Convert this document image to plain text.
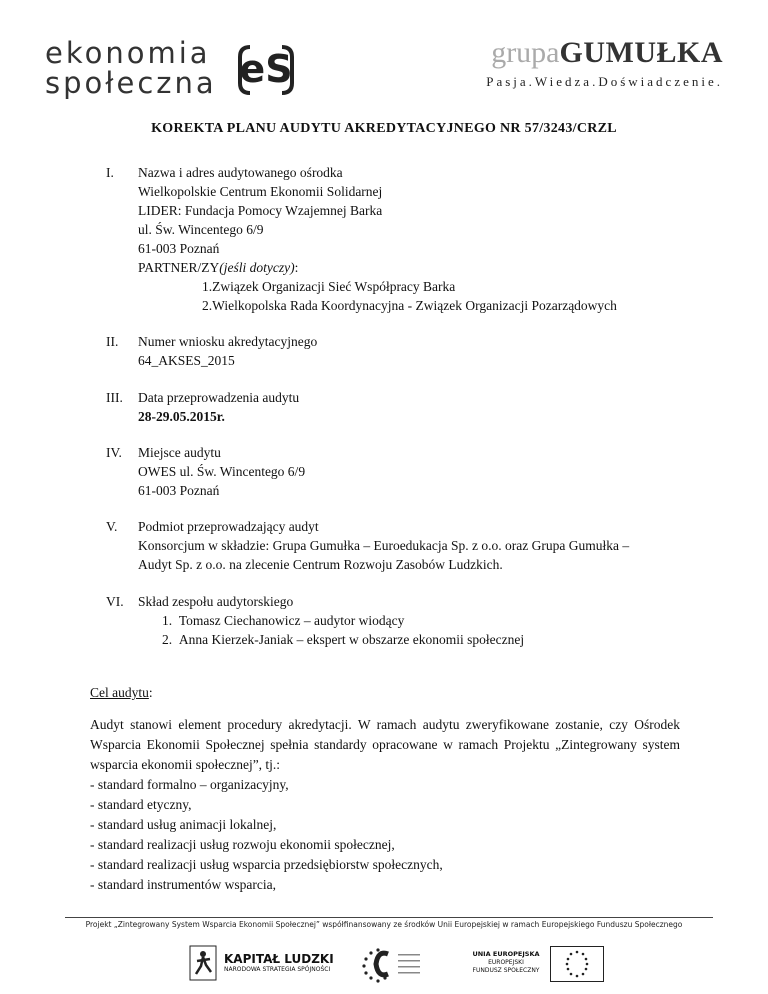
ekonomia
społeczna eS	grupaGUMUŁKA
Pasja.Wiedza.Doświadczenie.
KOREKTA PLANU AUDYTU AKREDYTACYJNEGO NR 57/3243/CRZL
I. Nazwa i adres audytowanego ośrodka
Wielkopolskie Centrum Ekonomii Solidarnej
LIDER: Fundacja Pomocy Wzajemnej Barka
ul. Św. Wincentego 6/9
61-003 Poznań
PARTNER/ZY(jeśli dotyczy):
1.Związek Organizacji Sieć Współpracy Barka
2.Wielkopolska Rada Koordynacyjna - Związek Organizacji Pozarządowych
II. Numer wniosku akredytacyjnego
64_AKSES_2015
III. Data przeprowadzenia audytu
28-29.05.2015r.
IV. Miejsce audytu
OWES ul. Św. Wincentego 6/9
61-003 Poznań
V. Podmiot przeprowadzający audyt
Konsorcjum w składzie: Grupa Gumułka – Euroedukacja Sp. z o.o. oraz Grupa Gumułka –
Audyt Sp. z o.o. na zlecenie Centrum Rozwoju Zasobów Ludzkich.
VI. Skład zespołu audytorskiego
1.  Tomasz Ciechanowicz – audytor wiodący
2.  Anna Kierzek-Janiak – ekspert w obszarze ekonomii społecznej
Cel audytu:
Audyt stanowi element procedury akredytacji. W ramach audytu zweryfikowane zostanie, czy Ośrodek Wsparcia Ekonomii Społecznej spełnia standardy opracowane w ramach Projektu „Zintegrowany system wsparcia ekonomii społecznej”, tj.:
- standard formalno – organizacyjny,
- standard etyczny,
- standard usług animacji lokalnej,
- standard realizacji usług rozwoju ekonomii społecznej,
- standard realizacji usług wsparcia przedsiębiorstw społecznych,
- standard instrumentów wsparcia,
Projekt „Zintegrowany System Wsparcia Ekonomii Społecznej” współfinansowany ze środków Unii Europejskiej w ramach Europejskiego Funduszu Społecznego
KAPITAŁ LUDZKI
NARODOWA STRATEGIA SPÓJNOŚCI
UNIA EUROPEJSKA
EUROPEJSKI
FUNDUSZ SPOŁECZNY
